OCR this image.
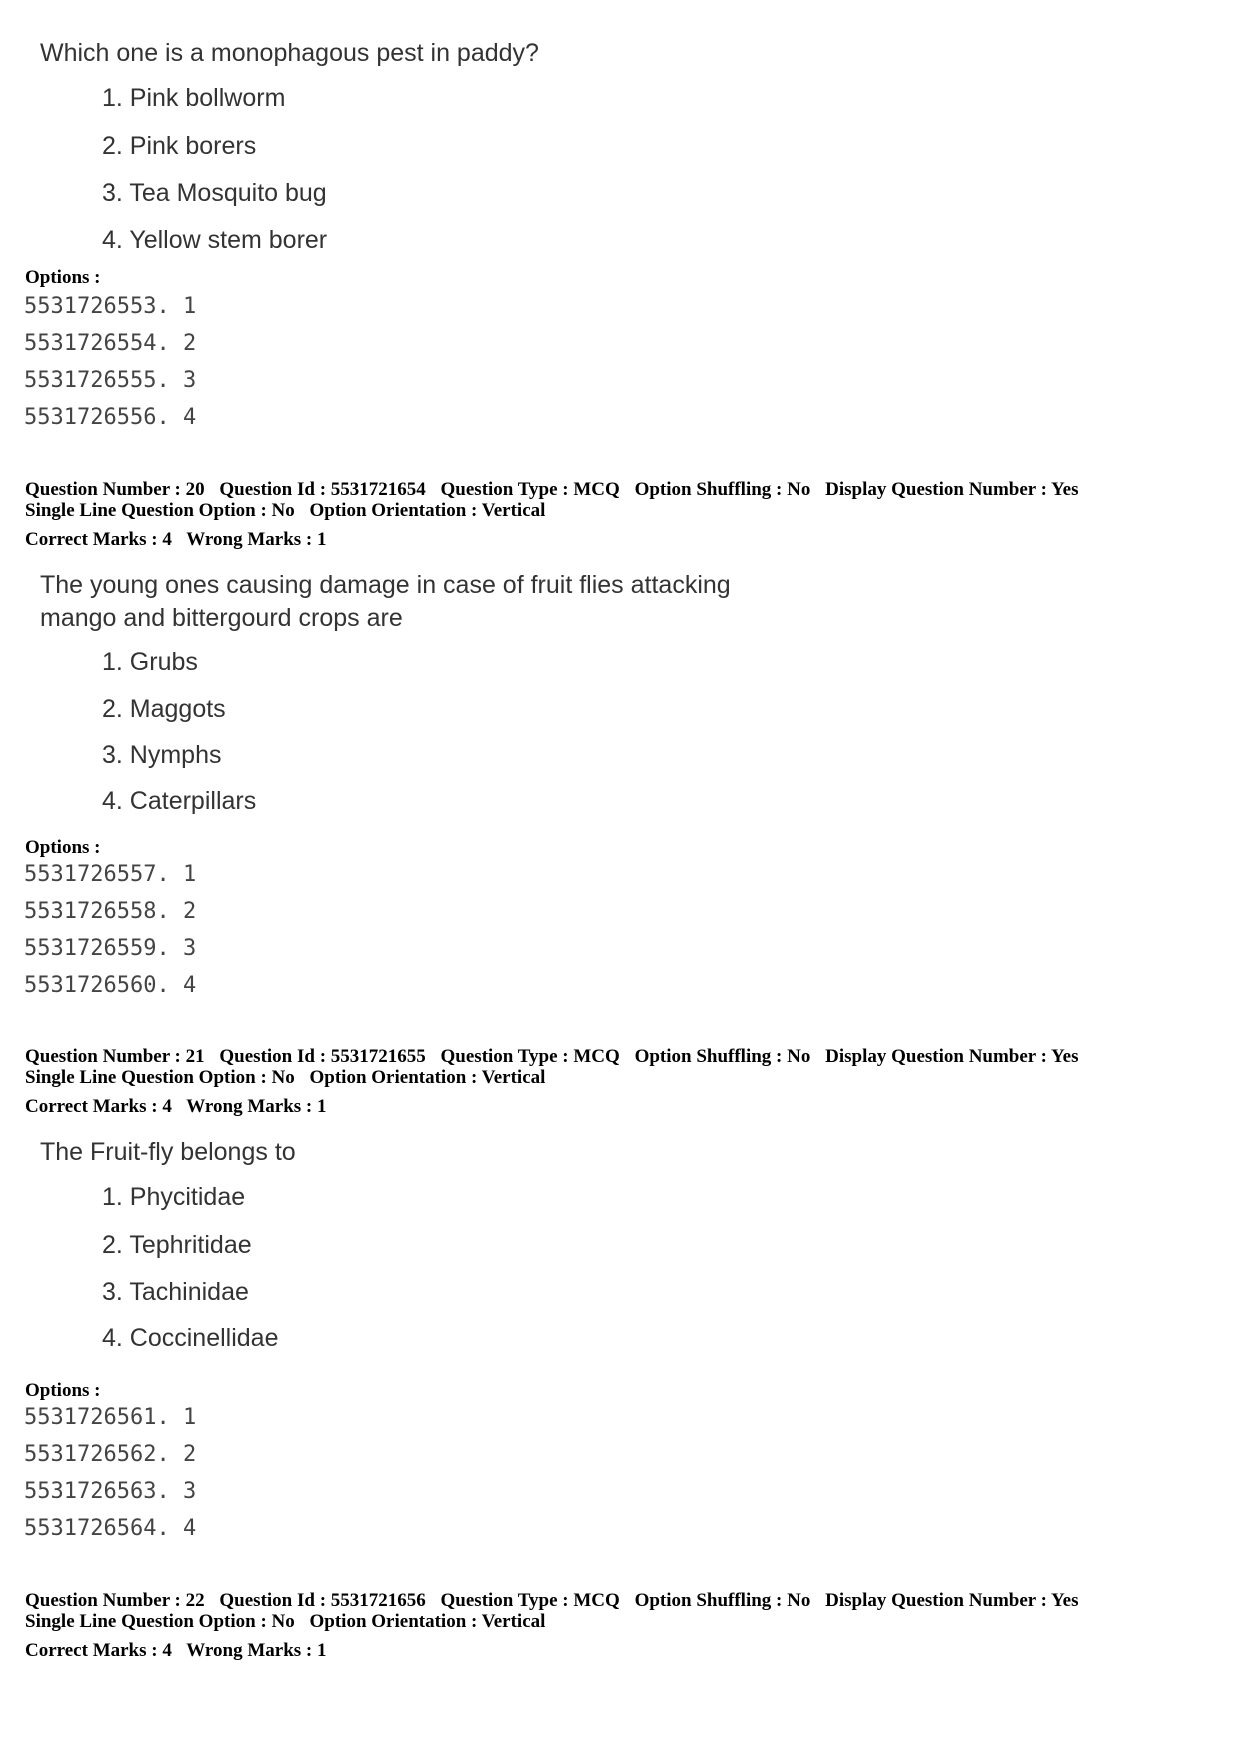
Which one is a monophagous pest in paddy?
1. Pink bollworm
2. Pink borers
3. Tea Mosquito bug
4. Yellow stem borer
Options :
5531726553. 1
5531726554. 2
5531726555. 3
5531726556. 4
Question Number : 20 Question Id : 5531721654 Question Type : MCQ Option Shuffling : No Display Question Number : Yes
Single Line Question Option : No Option Orientation : Vertical
Correct Marks : 4 Wrong Marks : 1
The young ones causing damage in case of fruit flies attacking
mango and bittergourd crops are
1. Grubs
2. Maggots
3. Nymphs
4. Caterpillars
Options :
5531726557. 1
5531726558. 2
5531726559. 3
5531726560. 4
Question Number : 21 Question Id : 5531721655 Question Type : MCQ Option Shuffling : No Display Question Number : Yes
Single Line Question Option : No Option Orientation : Vertical
Correct Marks : 4 Wrong Marks : 1
The Fruit-fly belongs to
1. Phycitidae
2. Tephritidae
3. Tachinidae
4. Coccinellidae
Options :
5531726561. 1
5531726562. 2
5531726563. 3
5531726564. 4
Question Number : 22 Question Id : 5531721656 Question Type : MCQ Option Shuffling : No Display Question Number : Yes
Single Line Question Option : No Option Orientation : Vertical
Correct Marks : 4 Wrong Marks : 1
